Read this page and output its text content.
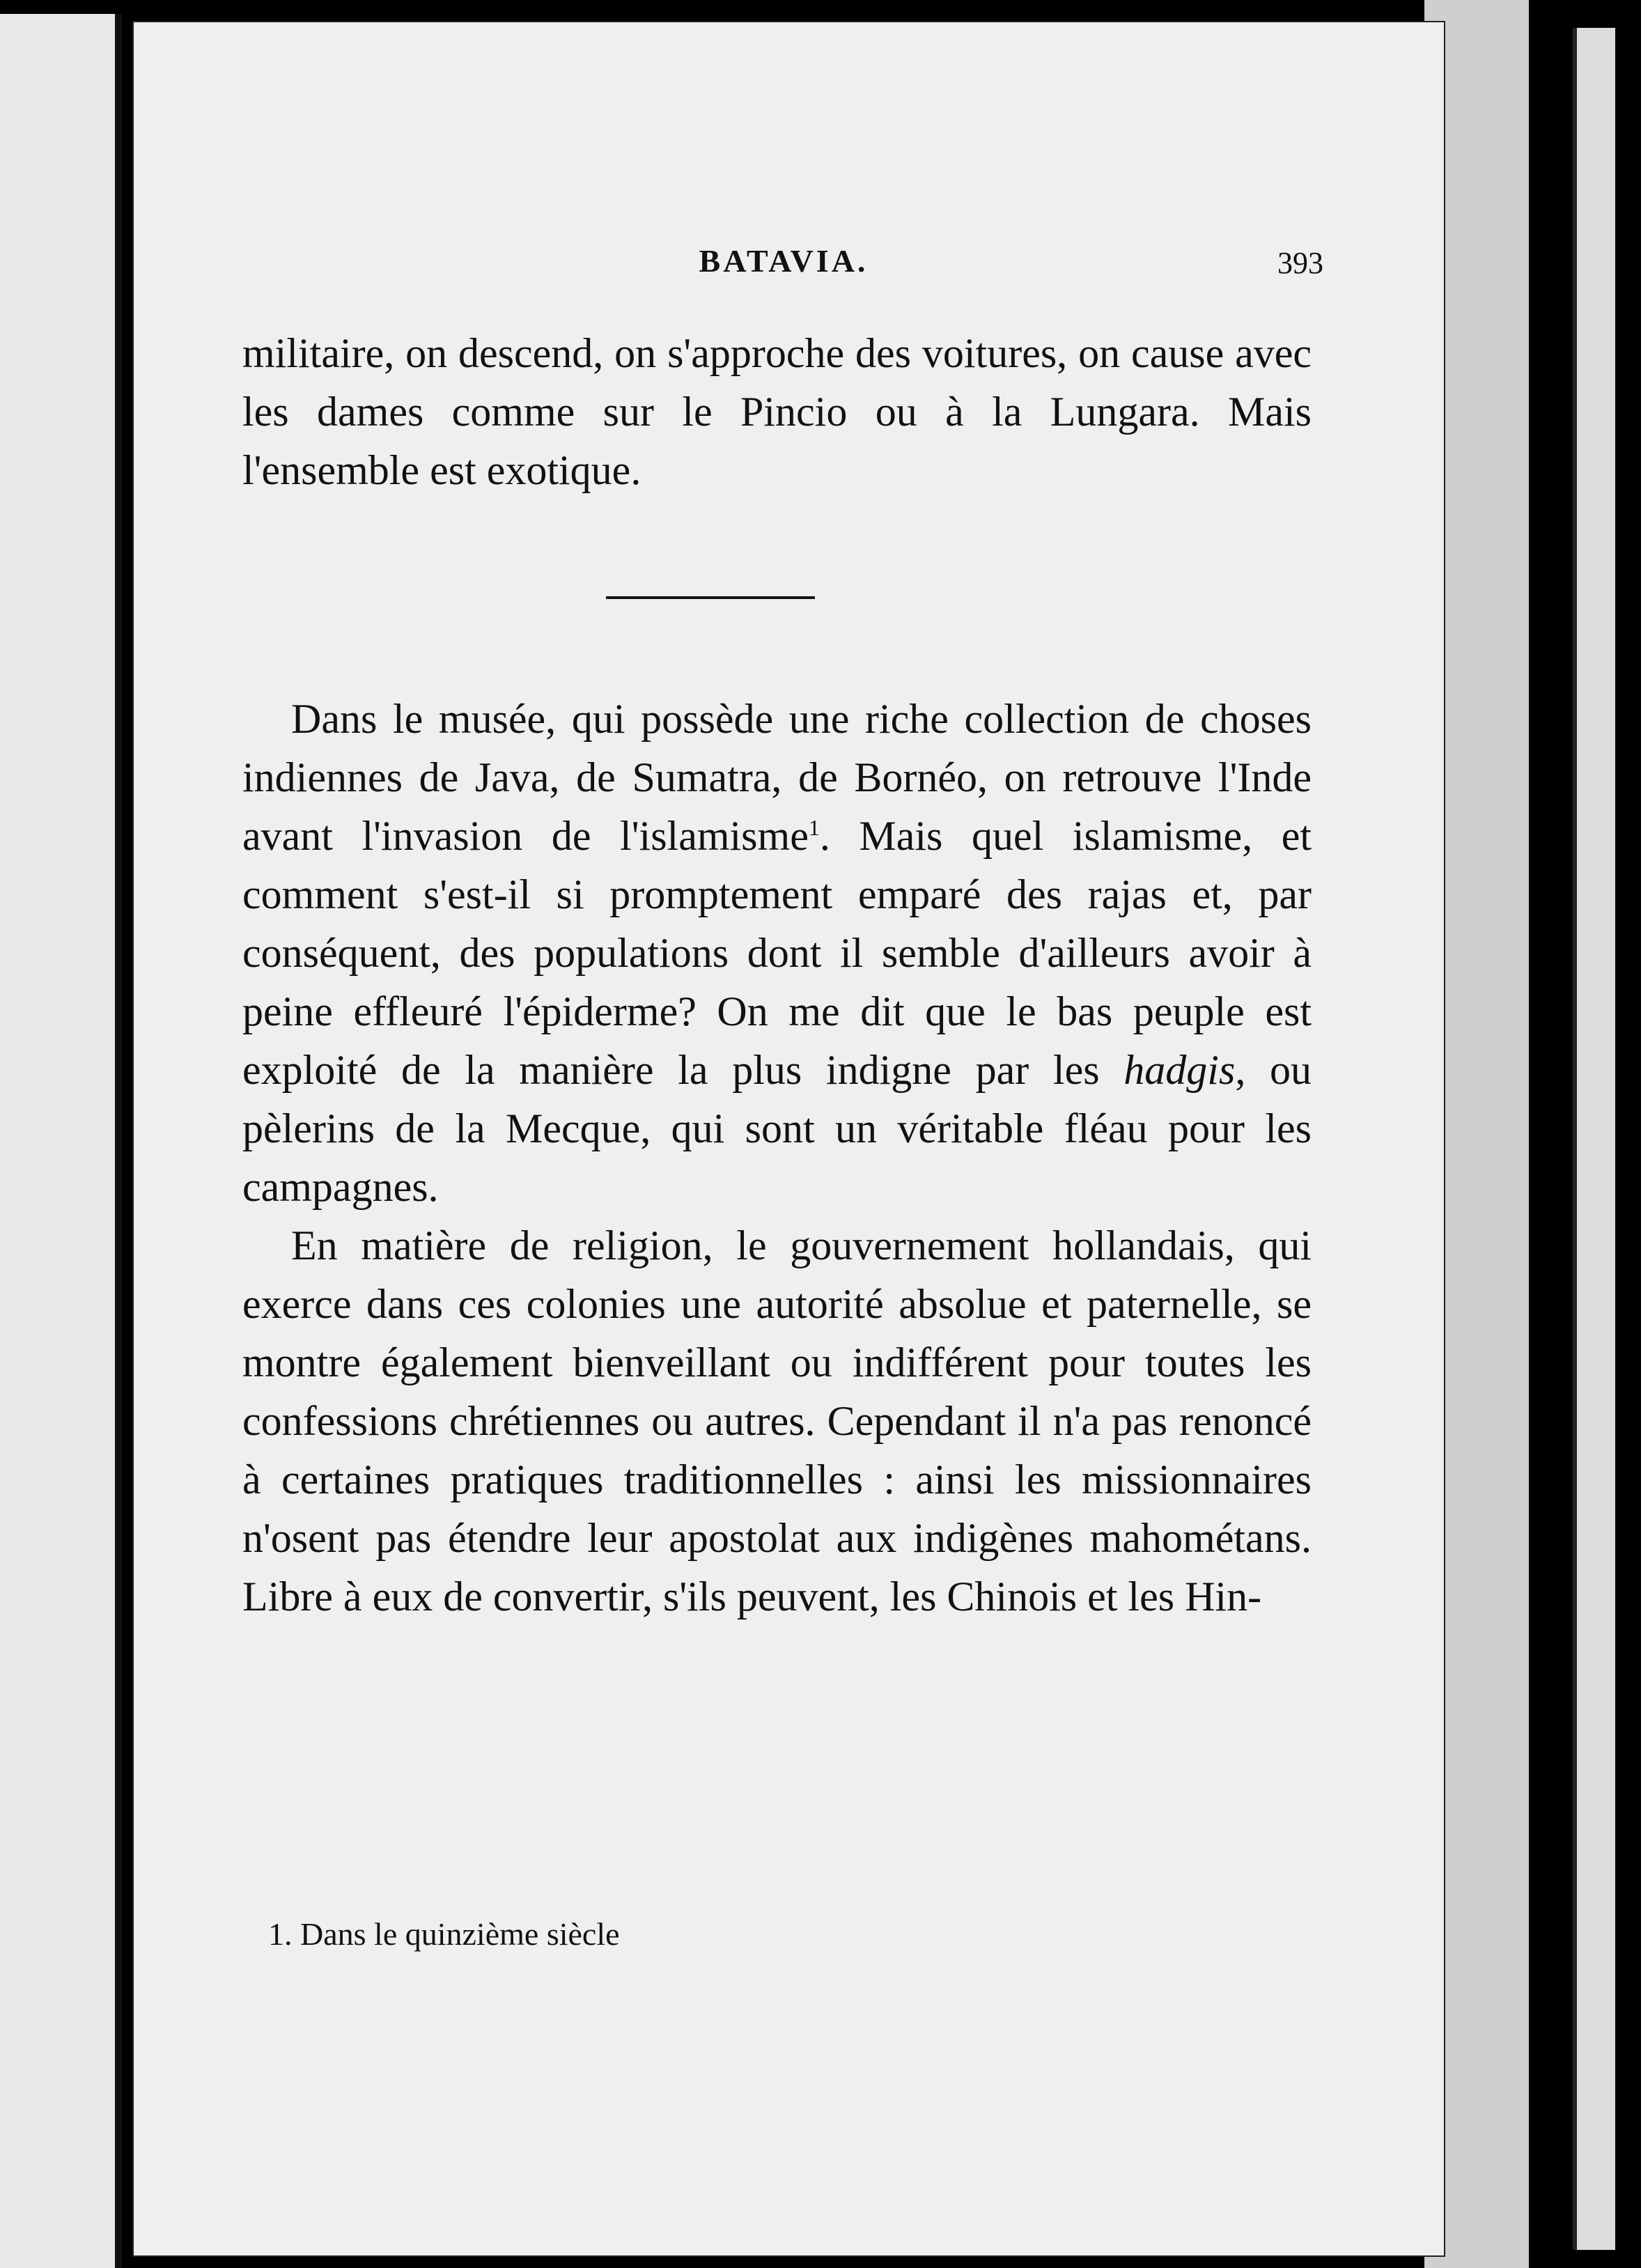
BATAVIA.	393

militaire, on descend, on s'approche des voitures, on cause avec les dames comme sur le Pincio ou à la Lungara. Mais l'ensemble est exotique.

Dans le musée, qui possède une riche collection de choses indiennes de Java, de Sumatra, de Bornéo, on retrouve l'Inde avant l'invasion de l'islamisme$^1$. Mais quel islamisme, et comment s'est-il si promptement emparé des rajas et, par conséquent, des populations dont il semble d'ailleurs avoir à peine effleuré l'épiderme? On me dit que le bas peuple est exploité de la manière la plus indigne par les hadgis, ou pèlerins de la Mecque, qui sont un véritable fléau pour les campagnes.

En matière de religion, le gouvernement hollandais, qui exerce dans ces colonies une autorité absolue et paternelle, se montre également bienveillant ou indifférent pour toutes les confessions chrétiennes ou autres. Cependant il n'a pas renoncé à certaines pratiques traditionnelles : ainsi les missionnaires n'osent pas étendre leur apostolat aux indigènes mahométans. Libre à eux de convertir, s'ils peuvent, les Chinois et les Hin-

1. Dans le quinzième siècle
